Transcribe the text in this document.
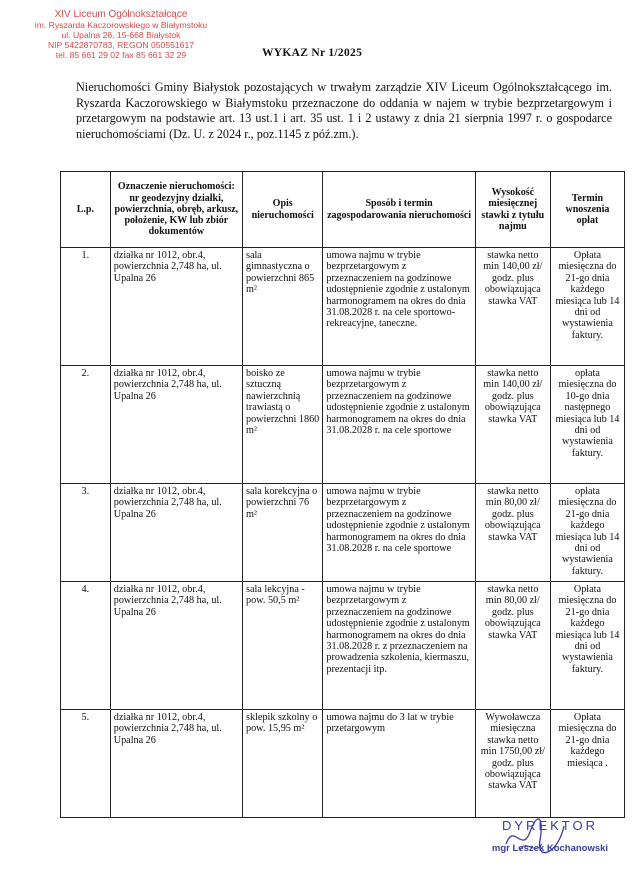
XIV Liceum Ogólnokształcące
im. Ryszarda Kaczorowskiego w Białymstoku
ul. Upalna 26, 15-668 Białystok
NIP 5422870783, REGON 050551617
tel. 85 661 29 02 fax 85 661 32 29	WYKAZ Nr 1/2025
Nieruchomości Gminy Białystok pozostających w trwałym zarządzie XIV Liceum Ogólnokształcącego im. Ryszarda Kaczorowskiego w Białymstoku przeznaczone do oddania w najem w trybie bezprzetargowym i przetargowym na podstawie art. 13 ust.1 i art. 35 ust. 1 i 2 ustawy z dnia 21 sierpnia 1997 r. o gospodarce nieruchomościami (Dz. U. z 2024 r., poz.1145 z póź.zm.).
L.p.	Oznaczenie nieruchomości: nr geodezyjny działki, powierzchnia, obręb, arkusz, położenie, KW lub zbiór dokumentów	Opis nieruchomości	Sposób i termin zagospodarowania nieruchomości	Wysokość miesięcznej stawki z tytułu najmu	Termin wnoszenia opłat
1.	działka nr 1012, obr.4, powierzchnia 2,748 ha, ul. Upalna 26	sala gimnastyczna o powierzchni 865 m²	umowa najmu w trybie bezprzetargowym z przeznaczeniem na godzinowe udostępnienie zgodnie z ustalonym harmonogramem na okres do dnia 31.08.2028 r. na cele sportowo-rekreacyjne, taneczne.	stawka netto min 140,00 zł/ godz. plus obowiązująca stawka VAT	Opłata miesięczna do 21-go dnia każdego miesiąca lub 14 dni od wystawienia faktury.
2.	działka nr 1012, obr.4, powierzchnia 2,748 ha, ul. Upalna 26	boisko ze sztuczną nawierzchnią trawiastą o powierzchni 1860 m²	umowa najmu w trybie bezprzetargowym z przeznaczeniem na godzinowe udostępnienie zgodnie z ustalonym harmonogramem na okres do dnia 31.08.2028 r. na cele sportowe	stawka netto min 140,00 zł/ godz. plus obowiązująca stawka VAT	opłata miesięczna do 10-go dnia następnego miesiąca lub 14 dni od wystawienia faktury.
3.	działka nr 1012, obr.4, powierzchnia 2,748 ha, ul. Upalna 26	sala korekcyjna o powierzchni 76 m²	umowa najmu w trybie bezprzetargowym z przeznaczeniem na godzinowe udostępnienie zgodnie z ustalonym harmonogramem na okres do dnia 31.08.2028 r. na cele sportowe	stawka netto min 80,00 zł/ godz. plus obowiązująca stawka VAT	opłata miesięczna do 21-go dnia każdego miesiąca lub 14 dni od wystawienia faktury.
4.	działka nr 1012, obr.4, powierzchnia 2,748 ha, ul. Upalna 26	sala lekcyjna - pow. 50,5 m²	umowa najmu w trybie bezprzetargowym z przeznaczeniem na godzinowe udostępnienie zgodnie z ustalonym harmonogramem na okres do dnia 31.08.2028 r. z przeznaczeniem na prowadzenia szkolenia, kiermaszu, prezentacji itp.	stawka netto min 80,00 zł/ godz. plus obowiązująca stawka VAT	Opłata miesięczna do 21-go dnia każdego miesiąca lub 14 dni od wystawienia faktury.
5.	działka nr 1012, obr.4, powierzchnia 2,748 ha, ul. Upalna 26	sklepik szkolny o pow. 15,95 m²	umowa najmu do 3 lat w trybie przetargowym	Wywoławcza miesięczna stawka netto min 1750,00 zł/ godz. plus obowiązująca stawka VAT	Opłata miesięczna do 21-go dnia każdego miesiąca .
DYREKTOR
mgr Leszek Kochanowski
